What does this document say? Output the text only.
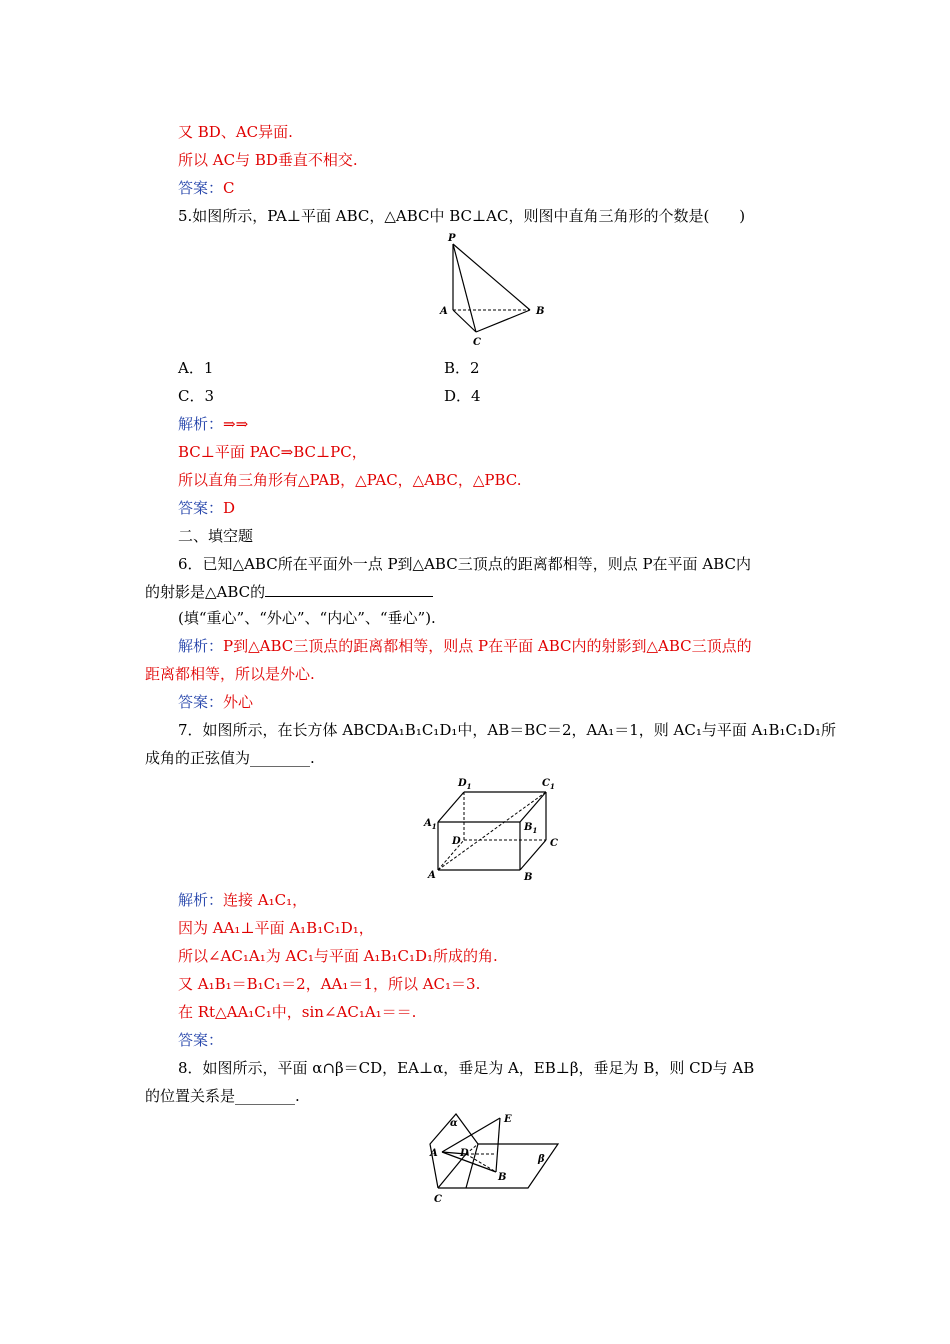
又 BD、AC异面.
所以 AC与 BD垂直不相交.
答案：C
5.如图所示，PA⊥平面 ABC，△ABC中 BC⊥AC，则图中直角三角形的个数是(　　)
P
A	B
C
A．1	B．2
C．3	D．4
解析：⇒⇒
BC⊥平面 PAC⇒BC⊥PC，
所以直角三角形有△PAB，△PAC，△ABC，△PBC.
答案：D
二、填空题
6．已知△ABC所在平面外一点 P到△ABC三顶点的距离都相等，则点 P在平面 ABC内
的射影是△ABC的
(填“重心”、“外心”、“内心”、“垂心”).
解析：P到△ABC三顶点的距离都相等，则点 P在平面 ABC内的射影到△ABC三顶点的
距离都相等，所以是外心.
答案：外心
7．如图所示，在长方体 ABCDA₁B₁C₁D₁中，AB＝BC＝2，AA₁＝1，则 AC₁与平面 A₁B₁C₁D₁所
成角的正弦值为________.
$D_1$	$C_1$
$A_1$	$B_1$
D	C
A	B
解析：连接 A₁C₁，
因为 AA₁⊥平面 A₁B₁C₁D₁，
所以∠AC₁A₁为 AC₁与平面 A₁B₁C₁D₁所成的角.
又 A₁B₁＝B₁C₁＝2，AA₁＝1，所以 AC₁＝3.
在 Rt△AA₁C₁中，sin∠AC₁A₁＝＝.
答案：
8．如图所示，平面 α∩β＝CD，EA⊥α，垂足为 A，EB⊥β，垂足为 B，则 CD与 AB
的位置关系是________.
α	E
A D
B
β
C
